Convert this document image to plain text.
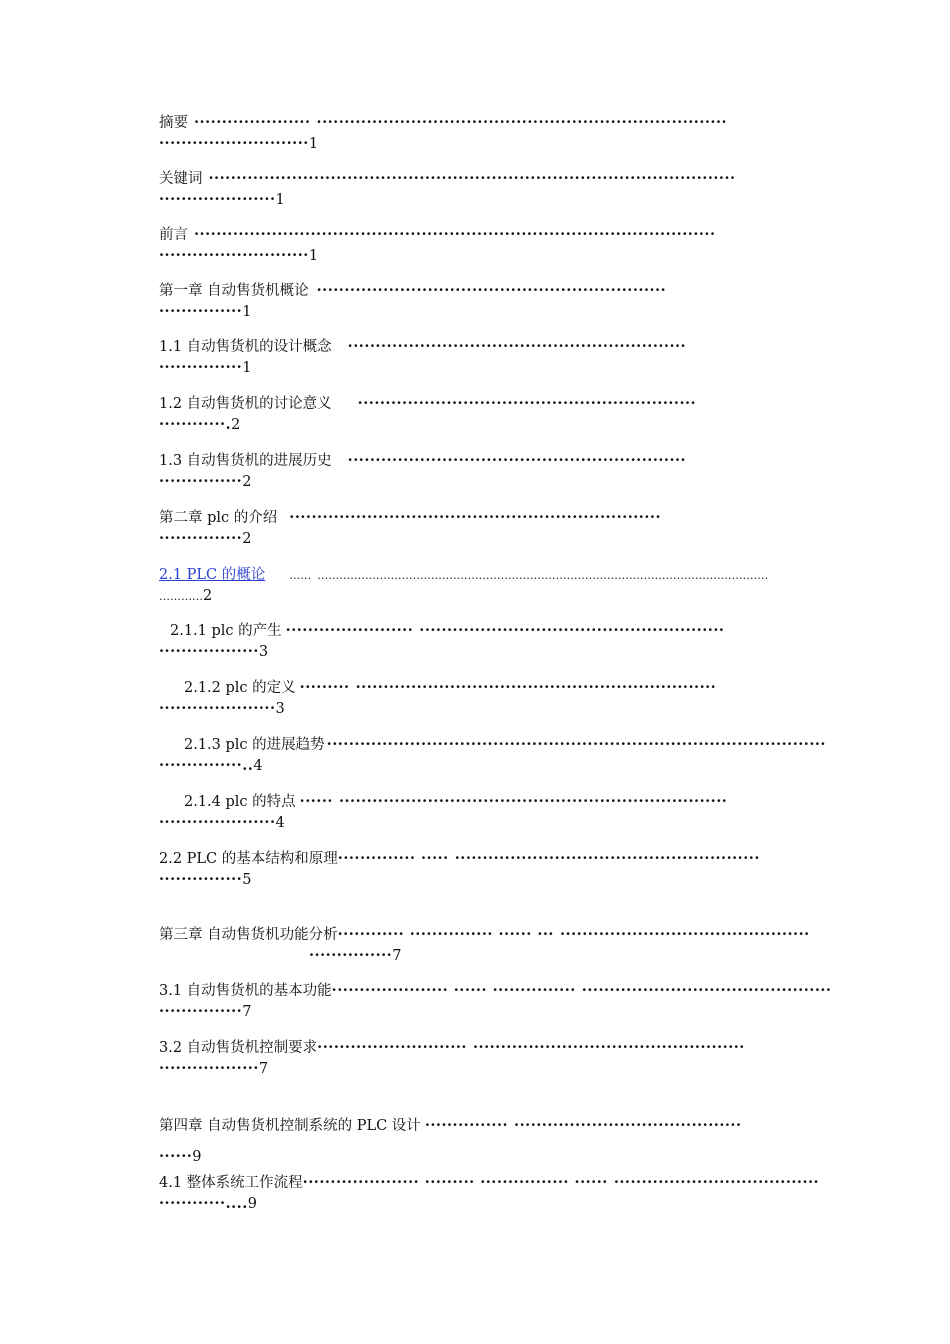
摘要 ····················· ··········································································
···························1
关键词 ·······························································································
·····················1
前言 ······························································································
···························1
第一章 自动售货机概论 ·······························································
···············1
1.1 自动售货机的设计概念 ·····························································
···············1
1.2 自动售货机的讨论意义 ·····························································
············.2
1.3 自动售货机的进展历史 ·····························································
···············2
第二章 plc 的介绍 ···································································
···············2
2.1 PLC 的概论 …… ……………………………………………………………………………………………………………
…………2
2.1.1 plc 的产生 ······················· ·······················································
··················3
2.1.2 plc 的定义 ········· ·································································
·····················3
2.1.3 plc 的进展趋势 ··························································································
···············..4
2.1.4 plc 的特点 ······ ······································································
·····················4
2.2 PLC 的基本结构和原理·············· ····· ·······················································
···············5
第三章 自动售货机功能分析············ ··············· ······ ··· ·············································
···············7
3.1 自动售货机的基本功能····················· ······ ··············· ·············································
···············7
3.2 自动售货机控制要求··························· ·················································
··················7
第四章 自动售货机控制系统的 PLC 设计 ··············· ·········································
······9
4.1 整体系统工作流程····················· ········· ················ ······ ·····································
············....9
